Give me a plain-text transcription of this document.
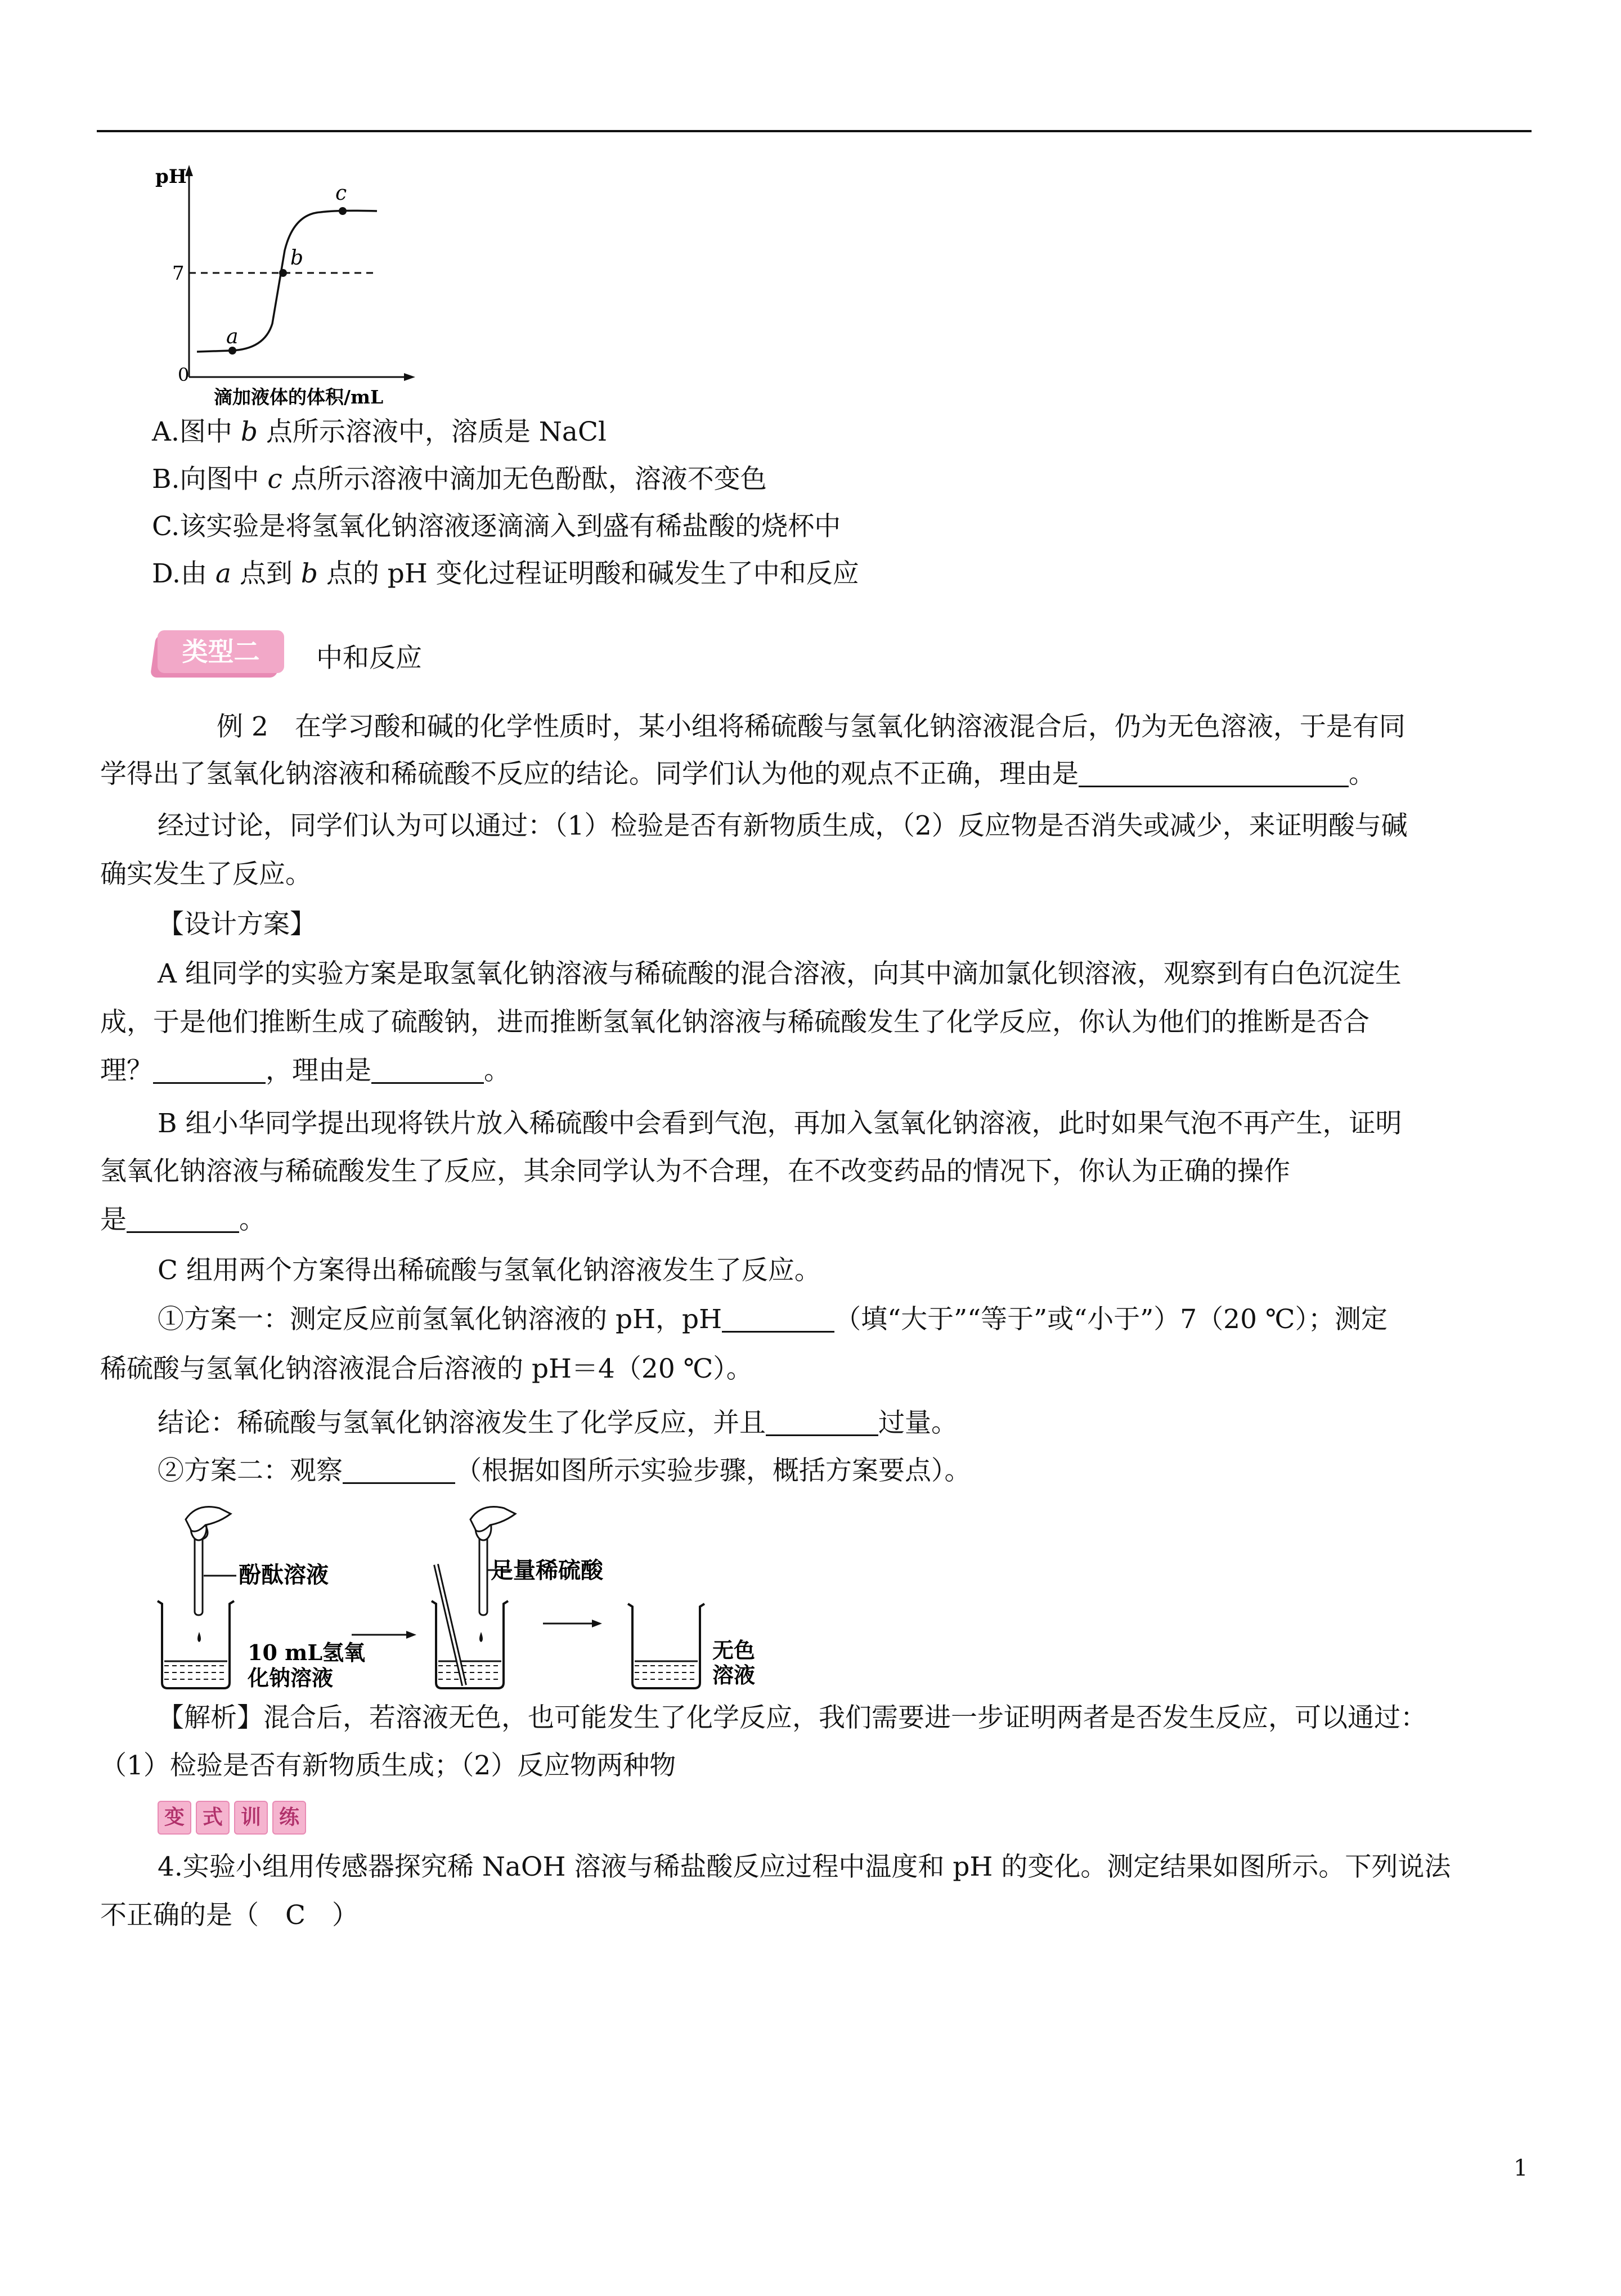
pH
7
0
a
b
c
滴加液体的体积/mL
A.图中 b 点所示溶液中，溶质是 NaCl
B.向图中 c 点所示溶液中滴加无色酚酞，溶液不变色
C.该实验是将氢氧化钠溶液逐滴滴入到盛有稀盐酸的烧杯中
D.由 a 点到 b 点的 pH 变化过程证明酸和碱发生了中和反应
类型二	中和反应
例 2　在学习酸和碱的化学性质时，某小组将稀硫酸与氢氧化钠溶液混合后，仍为无色溶液，于是有同
学得出了氢氧化钠溶液和稀硫酸不反应的结论。同学们认为他的观点不正确，理由是	。
经过讨论，同学们认为可以通过：（1）检验是否有新物质生成，（2）反应物是否消失或减少，来证明酸与碱
确实发生了反应。
【设计方案】
A 组同学的实验方案是取氢氧化钠溶液与稀硫酸的混合溶液，向其中滴加氯化钡溶液，观察到有白色沉淀生
成，于是他们推断生成了硫酸钠，进而推断氢氧化钠溶液与稀硫酸发生了化学反应，你认为他们的推断是否合
理？	，理由是	。
B 组小华同学提出现将铁片放入稀硫酸中会看到气泡，再加入氢氧化钠溶液，此时如果气泡不再产生，证明
氢氧化钠溶液与稀硫酸发生了反应，其余同学认为不合理，在不改变药品的情况下，你认为正确的操作
是	。
C 组用两个方案得出稀硫酸与氢氧化钠溶液发生了反应。
①方案一：测定反应前氢氧化钠溶液的 pH，pH	（填“大于”“等于”或“小于”）7（20 ℃）；测定
稀硫酸与氢氧化钠溶液混合后溶液的 pH＝4（20 ℃）。
结论：稀硫酸与氢氧化钠溶液发生了化学反应，并且	过量。
②方案二：观察	（根据如图所示实验步骤，概括方案要点）。
酚酞溶液
10 mL氢氧
化钠溶液
足量稀硫酸
无色
溶液
【解析】混合后，若溶液无色，也可能发生了化学反应，我们需要进一步证明两者是否发生反应，可以通过：
（1）检验是否有新物质生成；（2）反应物两种物
变 式 训 练
4.实验小组用传感器探究稀 NaOH 溶液与稀盐酸反应过程中温度和 pH 的变化。测定结果如图所示。下列说法
不正确的是（　C　）
1
